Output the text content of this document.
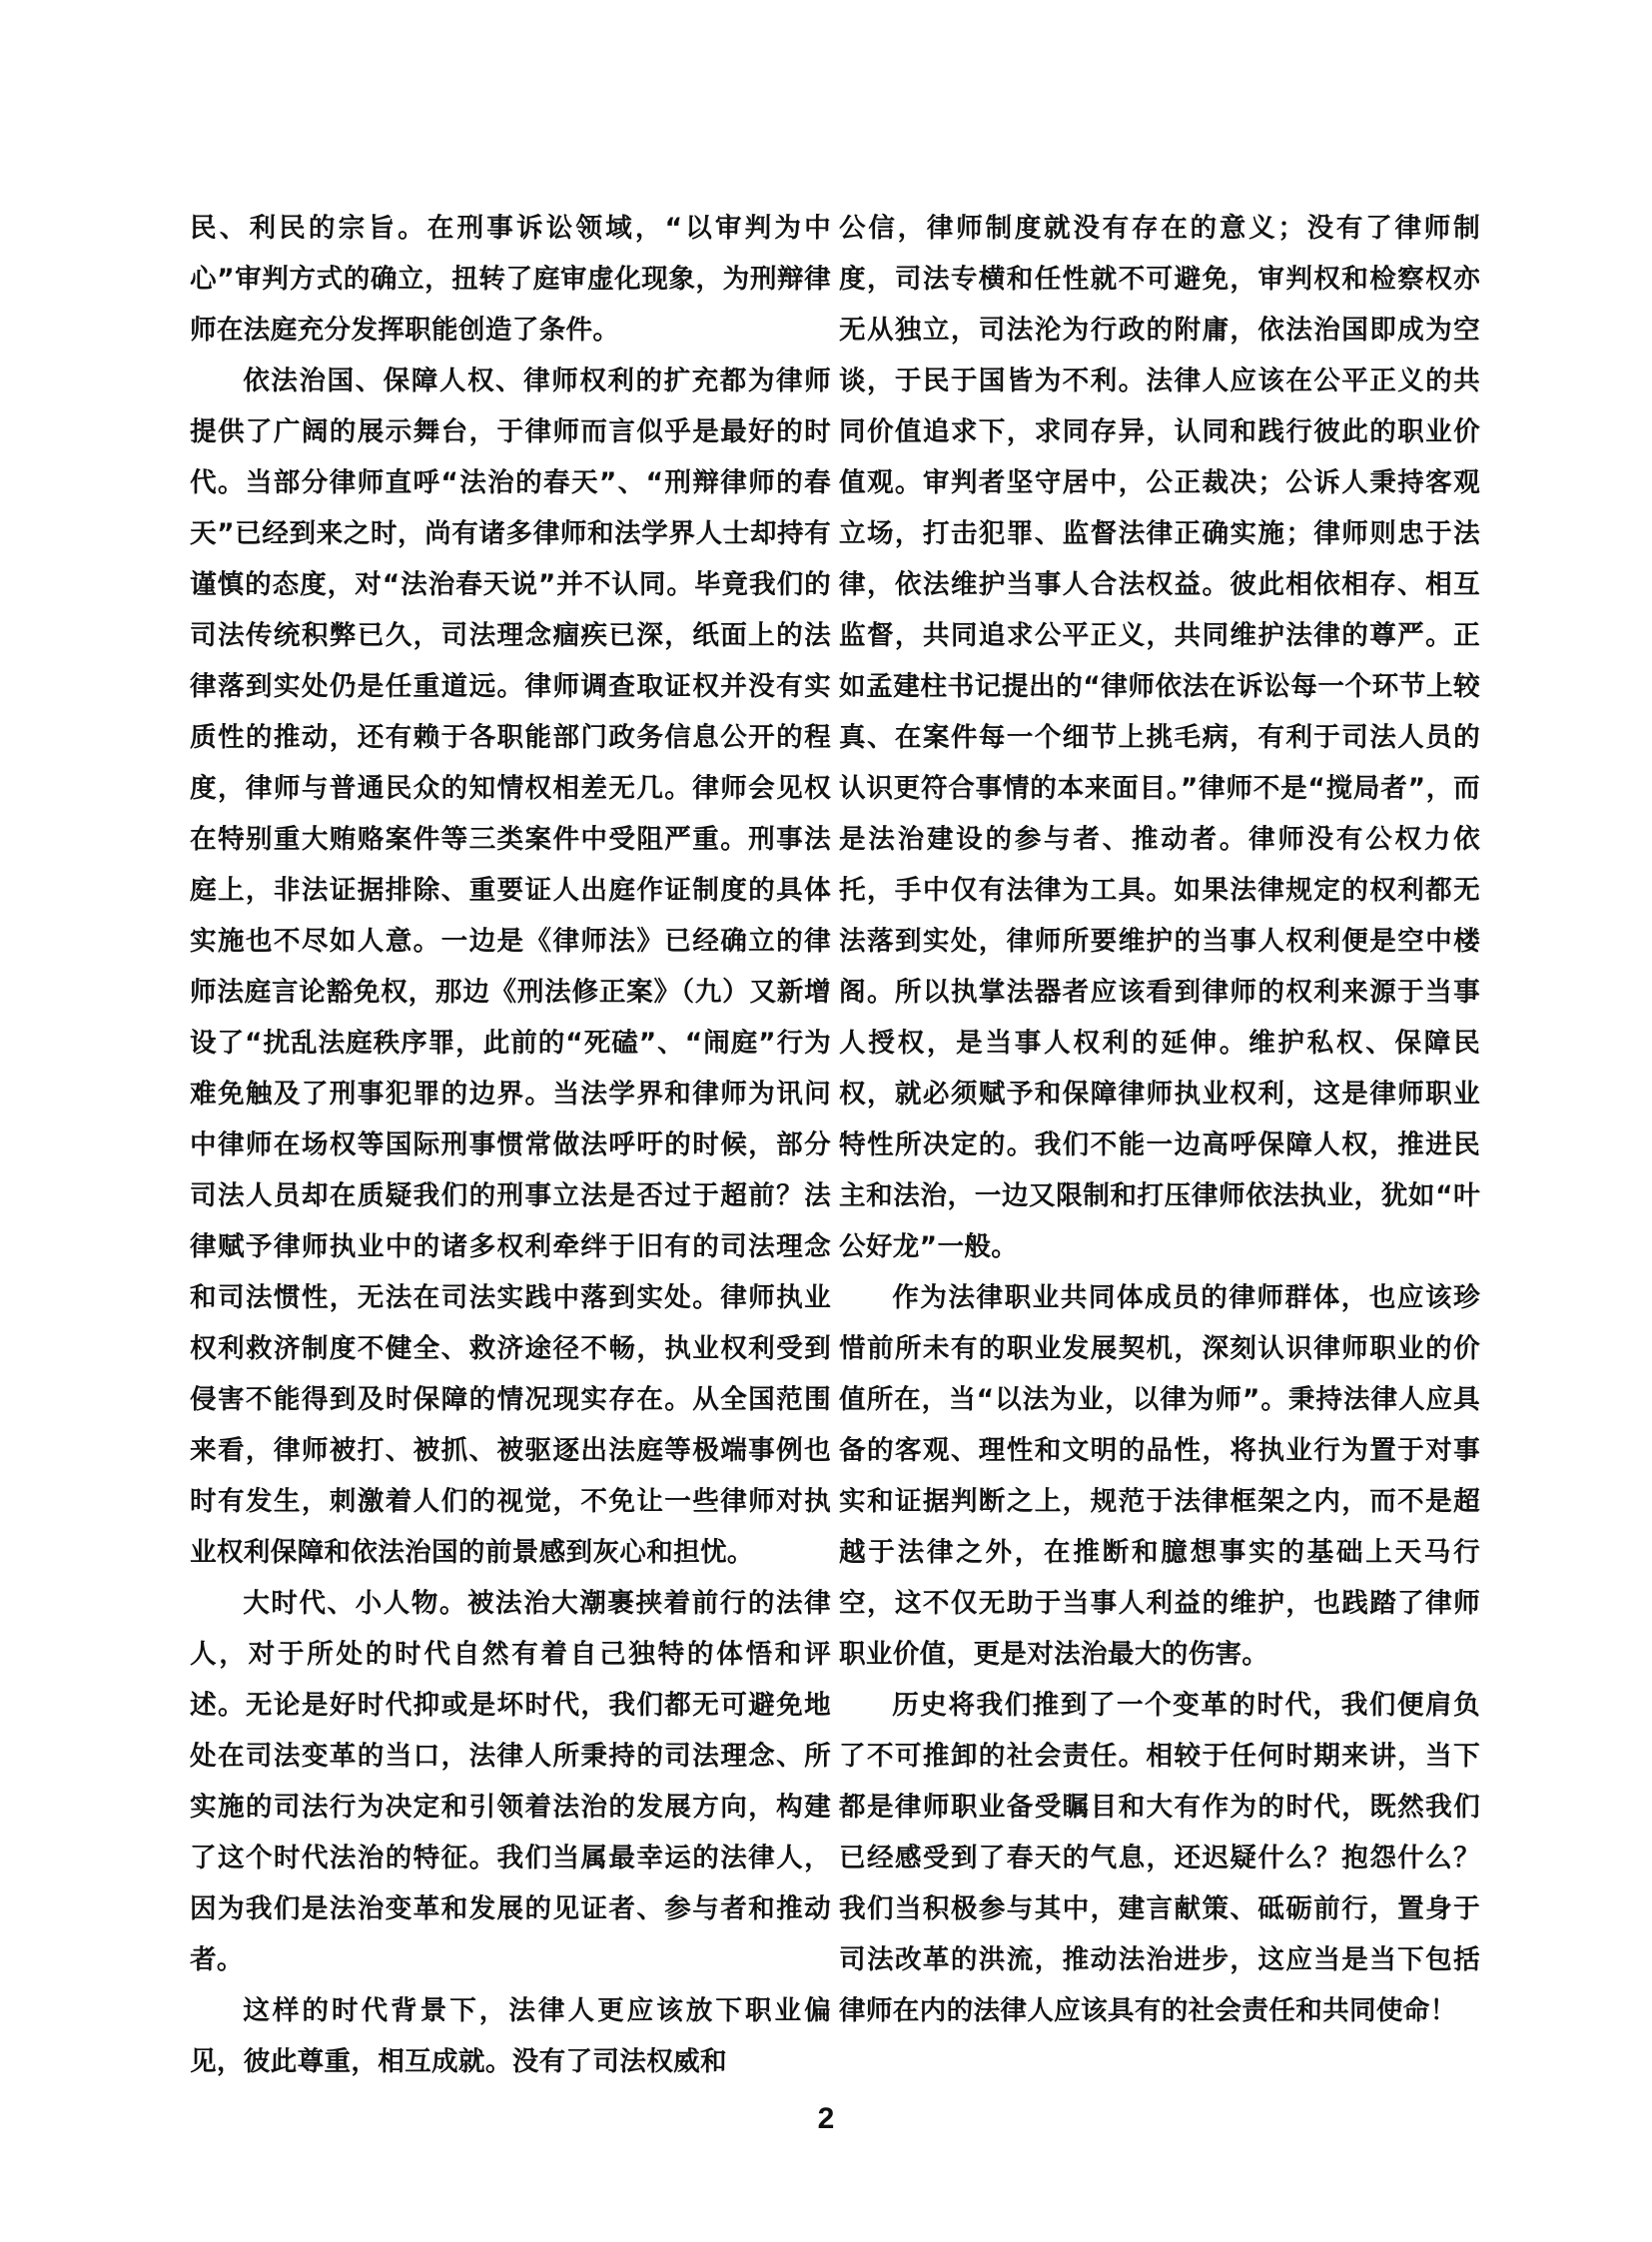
民、利民的宗旨。在刑事诉讼领域，“以审判为中心”审判方式的确立，扭转了庭审虚化现象，为刑辩律师在法庭充分发挥职能创造了条件。

依法治国、保障人权、律师权利的扩充都为律师提供了广阔的展示舞台，于律师而言似乎是最好的时代。当部分律师直呼“法治的春天”、“刑辩律师的春天”已经到来之时，尚有诸多律师和法学界人士却持有谨慎的态度，对“法治春天说”并不认同。毕竟我们的司法传统积弊已久，司法理念痼疾已深，纸面上的法律落到实处仍是任重道远。律师调查取证权并没有实质性的推动，还有赖于各职能部门政务信息公开的程度，律师与普通民众的知情权相差无几。律师会见权在特别重大贿赂案件等三类案件中受阻严重。刑事法庭上，非法证据排除、重要证人出庭作证制度的具体实施也不尽如人意。一边是《律师法》已经确立的律师法庭言论豁免权，那边《刑法修正案》（九）又新增设了“扰乱法庭秩序罪，此前的“死磕”、“闹庭”行为难免触及了刑事犯罪的边界。当法学界和律师为讯问中律师在场权等国际刑事惯常做法呼吁的时候，部分司法人员却在质疑我们的刑事立法是否过于超前？法律赋予律师执业中的诸多权利牵绊于旧有的司法理念和司法惯性，无法在司法实践中落到实处。律师执业权利救济制度不健全、救济途径不畅，执业权利受到侵害不能得到及时保障的情况现实存在。从全国范围来看，律师被打、被抓、被驱逐出法庭等极端事例也时有发生，刺激着人们的视觉，不免让一些律师对执业权利保障和依法治国的前景感到灰心和担忧。

大时代、小人物。被法治大潮裹挟着前行的法律人，对于所处的时代自然有着自己独特的体悟和评述。无论是好时代抑或是坏时代，我们都无可避免地处在司法变革的当口，法律人所秉持的司法理念、所实施的司法行为决定和引领着法治的发展方向，构建了这个时代法治的特征。我们当属最幸运的法律人，因为我们是法治变革和发展的见证者、参与者和推动者。

这样的时代背景下，法律人更应该放下职业偏见，彼此尊重，相互成就。没有了司法权威和

公信，律师制度就没有存在的意义；没有了律师制度，司法专横和任性就不可避免，审判权和检察权亦无从独立，司法沦为行政的附庸，依法治国即成为空谈，于民于国皆为不利。法律人应该在公平正义的共同价值追求下，求同存异，认同和践行彼此的职业价值观。审判者坚守居中，公正裁决；公诉人秉持客观立场，打击犯罪、监督法律正确实施；律师则忠于法律，依法维护当事人合法权益。彼此相依相存、相互监督，共同追求公平正义，共同维护法律的尊严。正如孟建柱书记提出的“律师依法在诉讼每一个环节上较真、在案件每一个细节上挑毛病，有利于司法人员的认识更符合事情的本来面目。”律师不是“搅局者”，而是法治建设的参与者、推动者。律师没有公权力依托，手中仅有法律为工具。如果法律规定的权利都无法落到实处，律师所要维护的当事人权利便是空中楼阁。所以执掌法器者应该看到律师的权利来源于当事人授权，是当事人权利的延伸。维护私权、保障民权，就必须赋予和保障律师执业权利，这是律师职业特性所决定的。我们不能一边高呼保障人权，推进民主和法治，一边又限制和打压律师依法执业，犹如“叶公好龙”一般。

作为法律职业共同体成员的律师群体，也应该珍惜前所未有的职业发展契机，深刻认识律师职业的价值所在，当“以法为业，以律为师”。秉持法律人应具备的客观、理性和文明的品性，将执业行为置于对事实和证据判断之上，规范于法律框架之内，而不是超越于法律之外，在推断和臆想事实的基础上天马行空，这不仅无助于当事人利益的维护，也践踏了律师职业价值，更是对法治最大的伤害。

历史将我们推到了一个变革的时代，我们便肩负了不可推卸的社会责任。相较于任何时期来讲，当下都是律师职业备受瞩目和大有作为的时代，既然我们已经感受到了春天的气息，还迟疑什么？抱怨什么？我们当积极参与其中，建言献策、砥砺前行，置身于司法改革的洪流，推动法治进步，这应当是当下包括律师在内的法律人应该具有的社会责任和共同使命！

2
